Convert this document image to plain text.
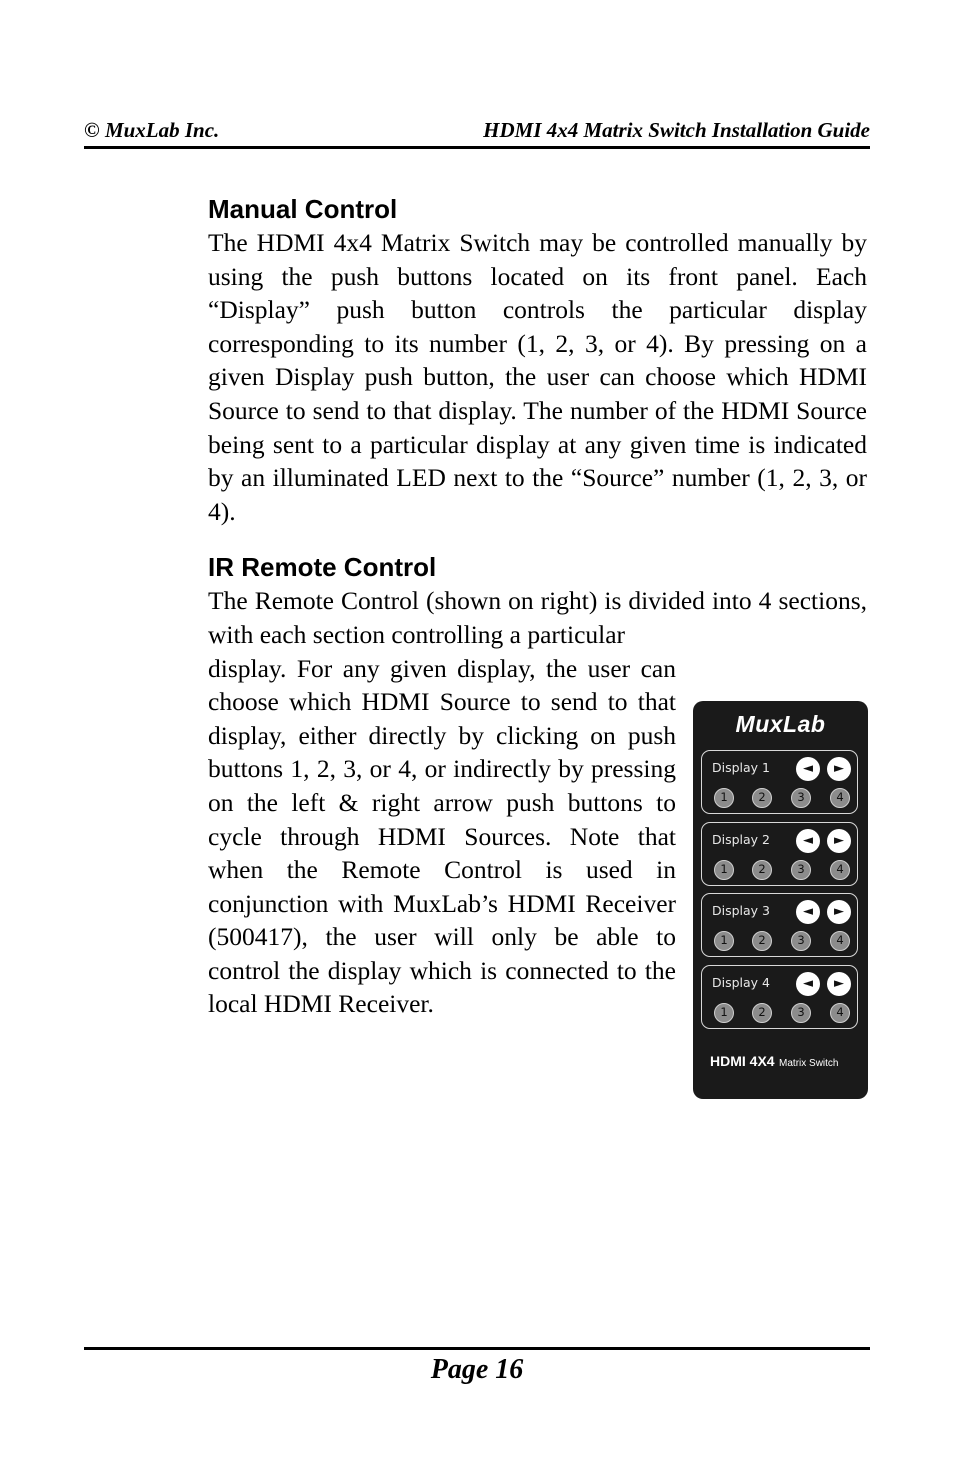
© MuxLab Inc.	HDMI 4x4 Matrix Switch Installation Guide
Manual Control

The HDMI 4x4 Matrix Switch may be controlled manually by using the push buttons located on its front panel. Each “Display” push button controls the particular display corresponding to its number (1, 2, 3, or 4). By pressing on a given Display push button, the user can choose which HDMI Source to send to that display. The number of the HDMI Source being sent to a particular display at any given time is indicated by an illuminated LED next to the “Source” number (1, 2, 3, or 4).

IR Remote Control

The Remote Control (shown on right) is divided into 4 sections, with each section controlling a particular

display. For any given display, the user can choose which HDMI Source to send to that display, either directly by clicking on push buttons 1, 2, 3, or 4, or indirectly by pressing on the left & right arrow push buttons to cycle through HDMI Sources. Note that when the Remote Control is used in conjunction with MuxLab’s HDMI Receiver (500417), the user will only be able to control the display which is connected to the local HDMI Receiver.

MuxLab
Display 1	◄	►
1	2	3	4
Display 2	◄	►
1	2	3	4
Display 3	◄	►
1	2	3	4
Display 4	◄	►
1	2	3	4
HDMI 4X4 Matrix Switch
Page 16
